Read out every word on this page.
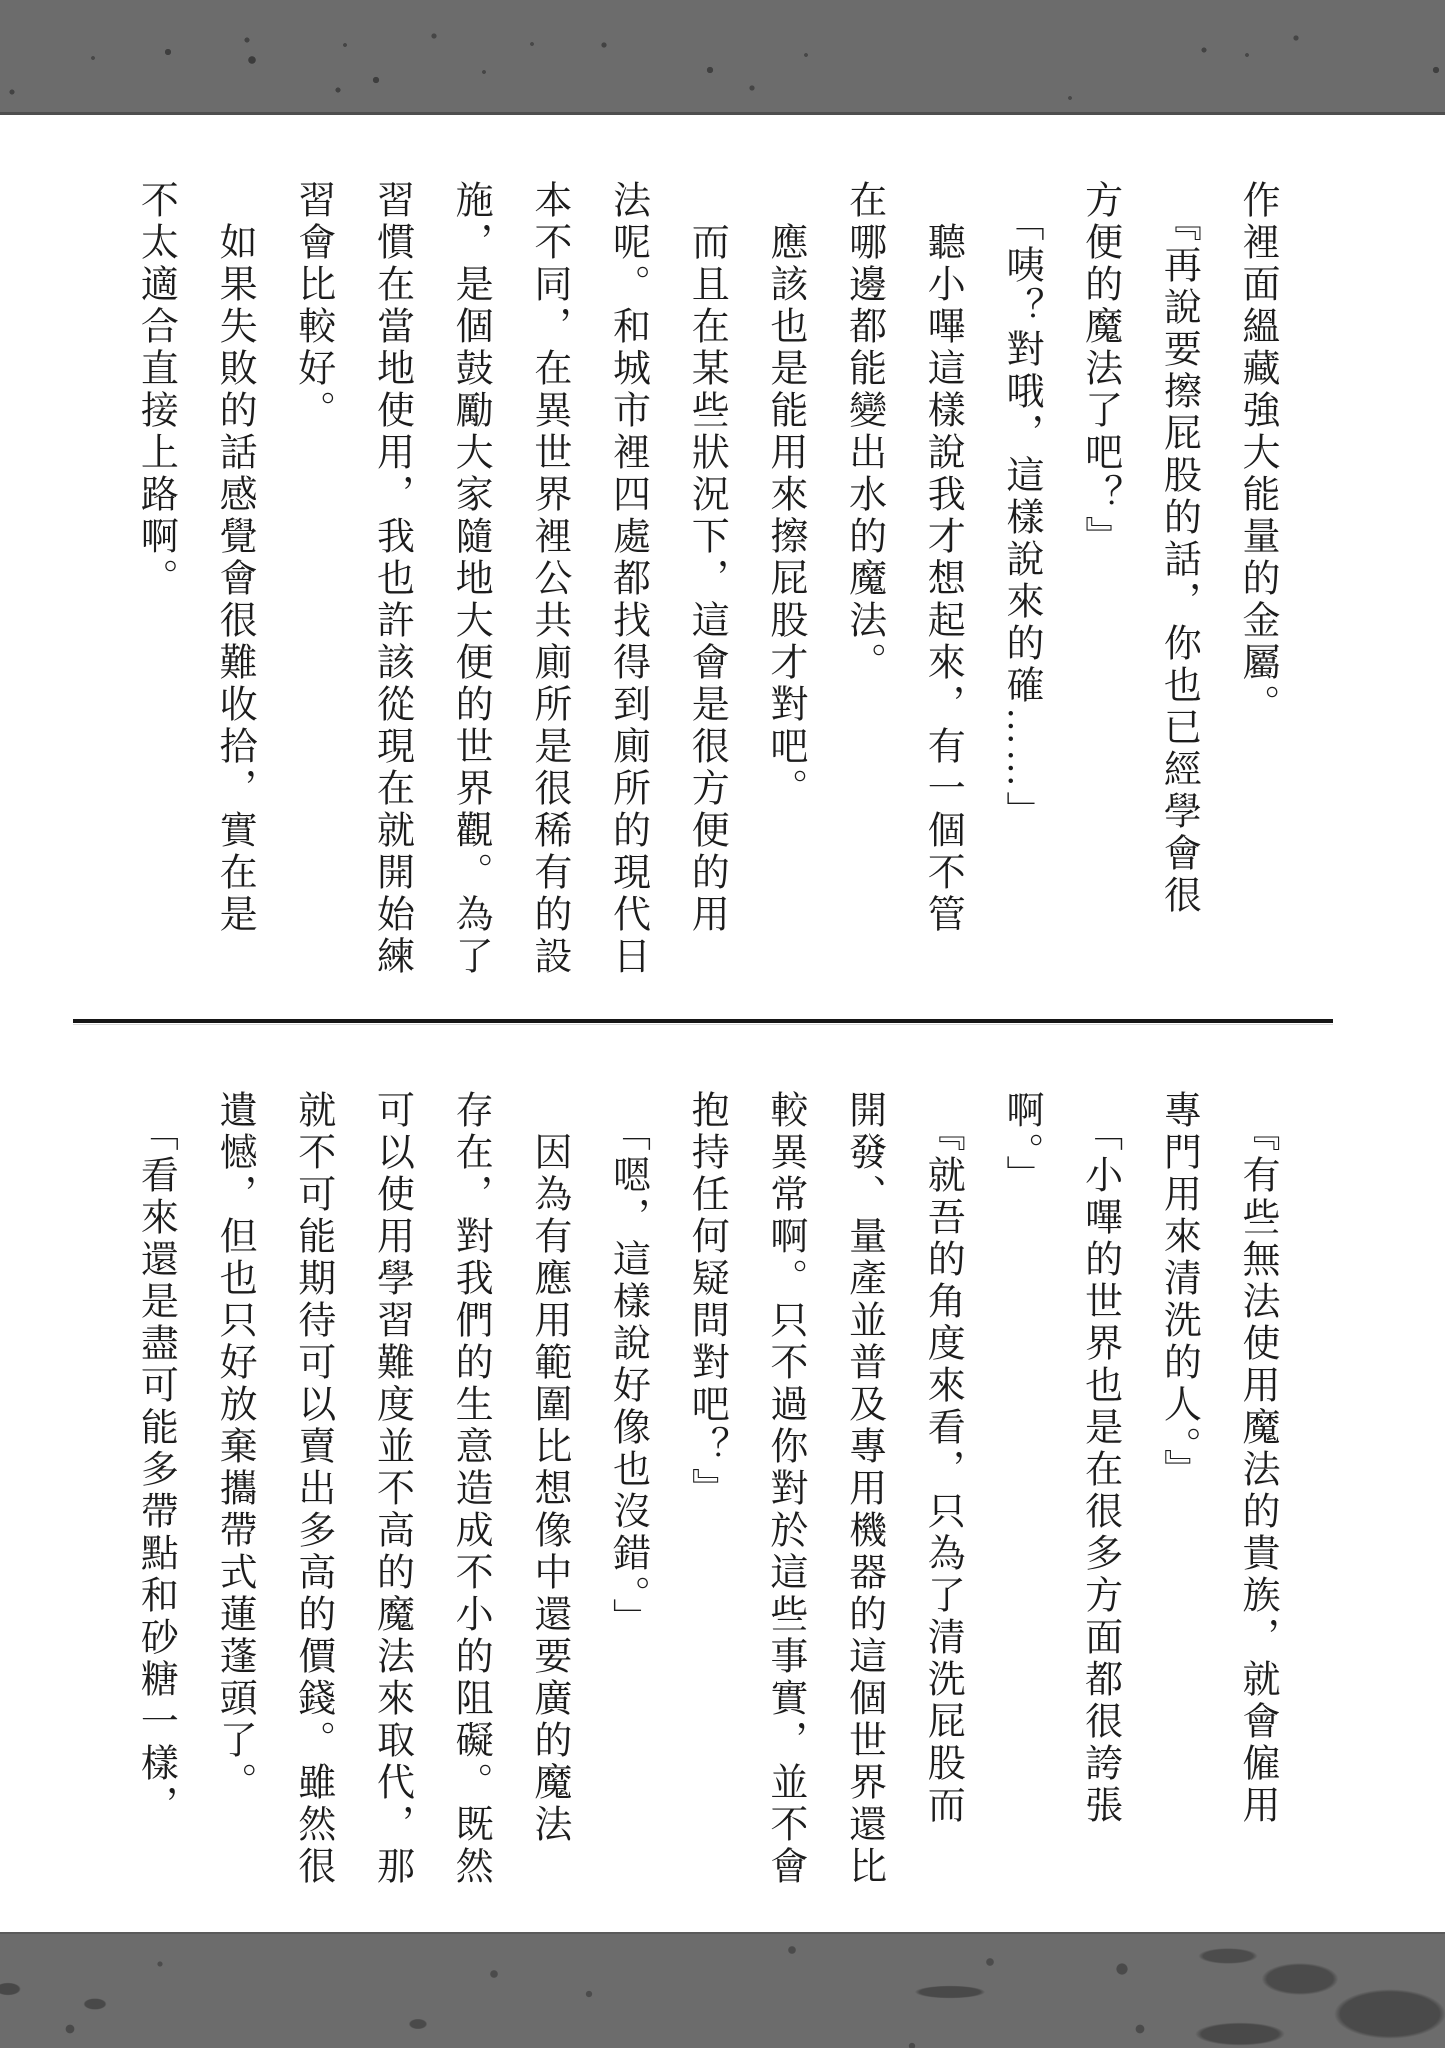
作裡面縕藏強大能量的金屬。
　『再說要擦屁股的話，你也已經學會很
方便的魔法了吧？』
　「咦？對哦，這樣說來的確……」
　聽小嗶這樣說我才想起來，有一個不管
在哪邊都能變出水的魔法。
　應該也是能用來擦屁股才對吧。
　而且在某些狀況下，這會是很方便的用
法呢。和城市裡四處都找得到廁所的現代日
本不同，在異世界裡公共廁所是很稀有的設
施，是個鼓勵大家隨地大便的世界觀。為了
習慣在當地使用，我也許該從現在就開始練
習會比較好。
　如果失敗的話感覺會很難收拾，實在是
不太適合直接上路啊。
　『有些無法使用魔法的貴族，就會僱用
專門用來清洗的人。』
　「小嗶的世界也是在很多方面都很誇張
啊。」
　『就吾的角度來看，只為了清洗屁股而
開發、量產並普及專用機器的這個世界還比
較異常啊。只不過你對於這些事實，並不會
抱持任何疑問對吧？』
　「嗯，這樣說好像也沒錯。」
　因為有應用範圍比想像中還要廣的魔法
存在，對我們的生意造成不小的阻礙。既然
可以使用學習難度並不高的魔法來取代，那
就不可能期待可以賣出多高的價錢。雖然很
遺憾，但也只好放棄攜帶式蓮蓬頭了。
　「看來還是盡可能多帶點和砂糖一樣，
